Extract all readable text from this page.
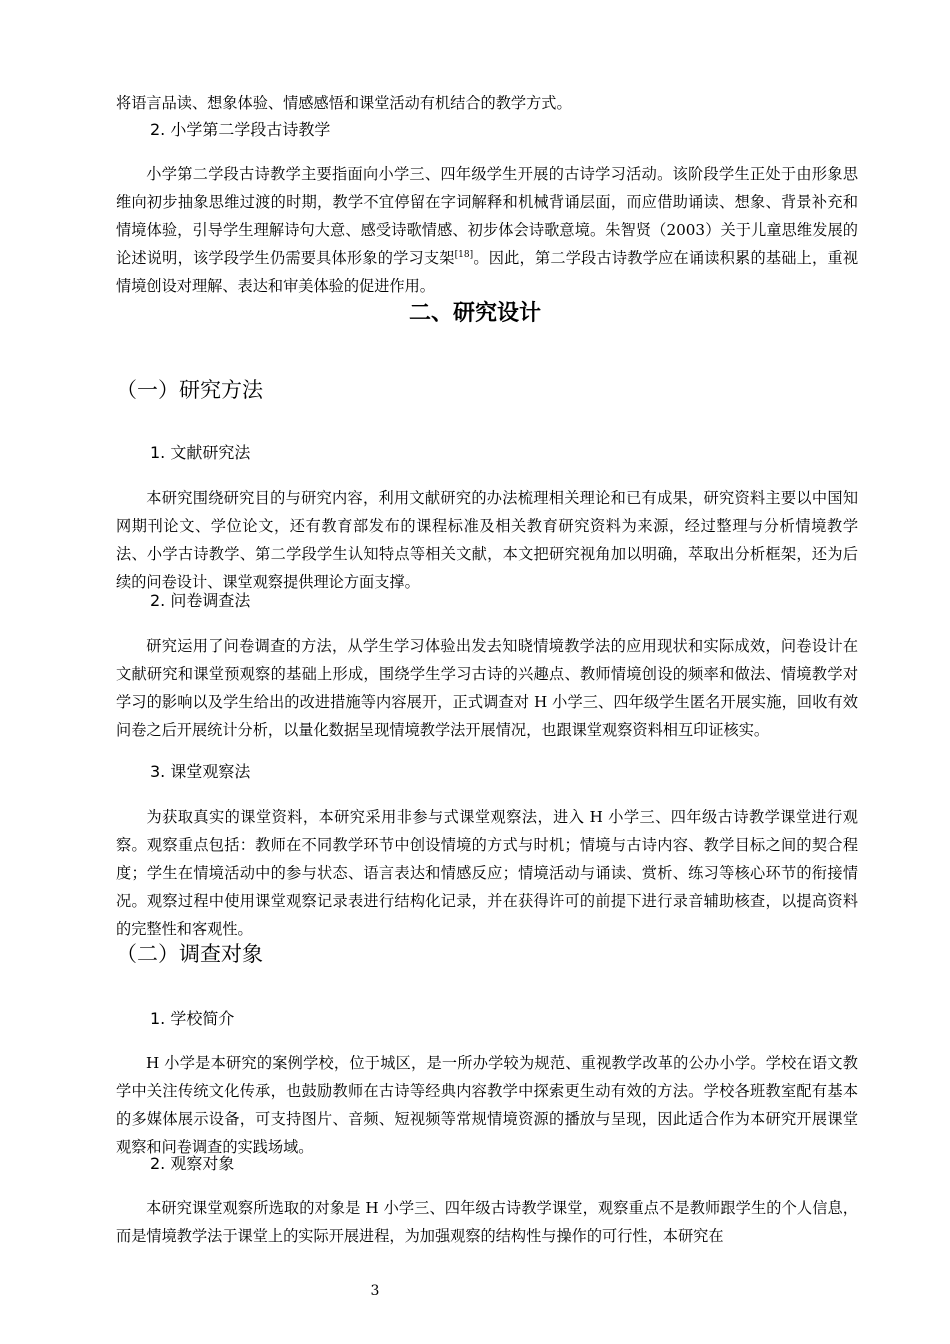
将语言品读、想象体验、情感感悟和课堂活动有机结合的教学方式。

2. 小学第二学段古诗教学

小学第二学段古诗教学主要指面向小学三、四年级学生开展的古诗学习活动。该阶段学生正处于由形象思维向初步抽象思维过渡的时期，教学不宜停留在字词解释和机械背诵层面，而应借助诵读、想象、背景补充和情境体验，引导学生理解诗句大意、感受诗歌情感、初步体会诗歌意境。朱智贤（2003）关于儿童思维发展的论述说明，该学段学生仍需要具体形象的学习支架[18]。因此，第二学段古诗教学应在诵读积累的基础上，重视情境创设对理解、表达和审美体验的促进作用。

二、研究设计
（一）研究方法
1. 文献研究法

本研究围绕研究目的与研究内容，利用文献研究的办法梳理相关理论和已有成果，研究资料主要以中国知网期刊论文、学位论文，还有教育部发布的课程标准及相关教育研究资料为来源，经过整理与分析情境教学法、小学古诗教学、第二学段学生认知特点等相关文献，本文把研究视角加以明确，萃取出分析框架，还为后续的问卷设计、课堂观察提供理论方面支撑。

2. 问卷调查法

研究运用了问卷调查的方法，从学生学习体验出发去知晓情境教学法的应用现状和实际成效，问卷设计在文献研究和课堂预观察的基础上形成，围绕学生学习古诗的兴趣点、教师情境创设的频率和做法、情境教学对学习的影响以及学生给出的改进措施等内容展开，正式调查对 H 小学三、四年级学生匿名开展实施，回收有效问卷之后开展统计分析，以量化数据呈现情境教学法开展情况，也跟课堂观察资料相互印证核实。

3. 课堂观察法

为获取真实的课堂资料，本研究采用非参与式课堂观察法，进入 H 小学三、四年级古诗教学课堂进行观察。观察重点包括：教师在不同教学环节中创设情境的方式与时机；情境与古诗内容、教学目标之间的契合程度；学生在情境活动中的参与状态、语言表达和情感反应；情境活动与诵读、赏析、练习等核心环节的衔接情况。观察过程中使用课堂观察记录表进行结构化记录，并在获得许可的前提下进行录音辅助核查，以提高资料的完整性和客观性。

（二）调查对象
1. 学校简介

H 小学是本研究的案例学校，位于城区，是一所办学较为规范、重视教学改革的公办小学。学校在语文教学中关注传统文化传承，也鼓励教师在古诗等经典内容教学中探索更生动有效的方法。学校各班教室配有基本的多媒体展示设备，可支持图片、音频、短视频等常规情境资源的播放与呈现，因此适合作为本研究开展课堂观察和问卷调查的实践场域。

2. 观察对象

本研究课堂观察所选取的对象是 H 小学三、四年级古诗教学课堂，观察重点不是教师跟学生的个人信息，而是情境教学法于课堂上的实际开展进程，为加强观察的结构性与操作的可行性，本研究在

3
